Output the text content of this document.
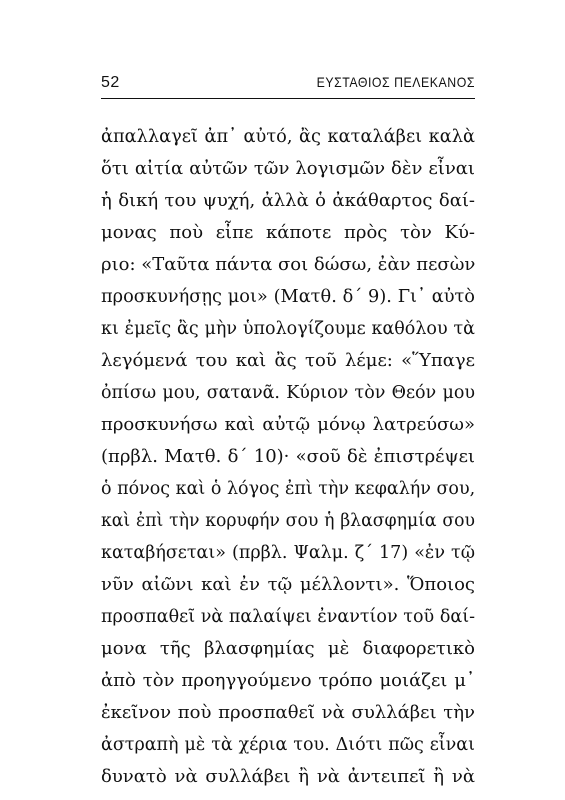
52	ΕΥΣΤΑΘΙΟΣ ΠΕΛΕΚΑΝΟΣ
ἀπαλλαγεῖ ἀπ᾿ αὐτό, ἂς καταλάβει καλὰ
ὅτι αἰτία αὐτῶν τῶν λογισμῶν δὲν εἶναι
ἡ δική του ψυχή, ἀλλὰ ὁ ἀκάθαρτος δαί-
μονας ποὺ εἶπε κάποτε πρὸς τὸν Κύ-
ριο: «Ταῦτα πάντα σοι δώσω, ἐὰν πεσὼν
προσκυνήσῃς μοι» (Ματθ. δ΄ 9). Γι᾿ αὐτὸ
κι ἐμεῖς ἂς μὴν ὑπολογίζουμε καθόλου τὰ
λεγόμενά του καὶ ἂς τοῦ λέμε: «Ὕπαγε
ὀπίσω μου, σατανᾶ. Κύριον τὸν Θεόν μου
προσκυνήσω καὶ αὐτῷ μόνῳ λατρεύσω»
(πρβλ. Ματθ. δ΄ 10)· «σοῦ δὲ ἐπιστρέψει
ὁ πόνος καὶ ὁ λόγος ἐπὶ τὴν κεφαλήν σου,
καὶ ἐπὶ τὴν κορυφήν σου ἡ βλασφημία σου
καταβήσεται» (πρβλ. Ψαλμ. ζ΄ 17) «ἐν τῷ
νῦν αἰῶνι καὶ ἐν τῷ μέλλοντι». Ὅποιος
προσπαθεῖ νὰ παλαίψει ἐναντίον τοῦ δαί-
μονα τῆς βλασφημίας μὲ διαφορετικὸ
ἀπὸ τὸν προηγγούμενο τρόπο μοιάζει μ᾿
ἐκεῖνον ποὺ προσπαθεῖ νὰ συλλάβει τὴν
ἀστραπὴ μὲ τὰ χέρια του. Διότι πῶς εἶναι
δυνατὸ νὰ συλλάβει ἢ νὰ ἀντειπεῖ ἢ νὰ
